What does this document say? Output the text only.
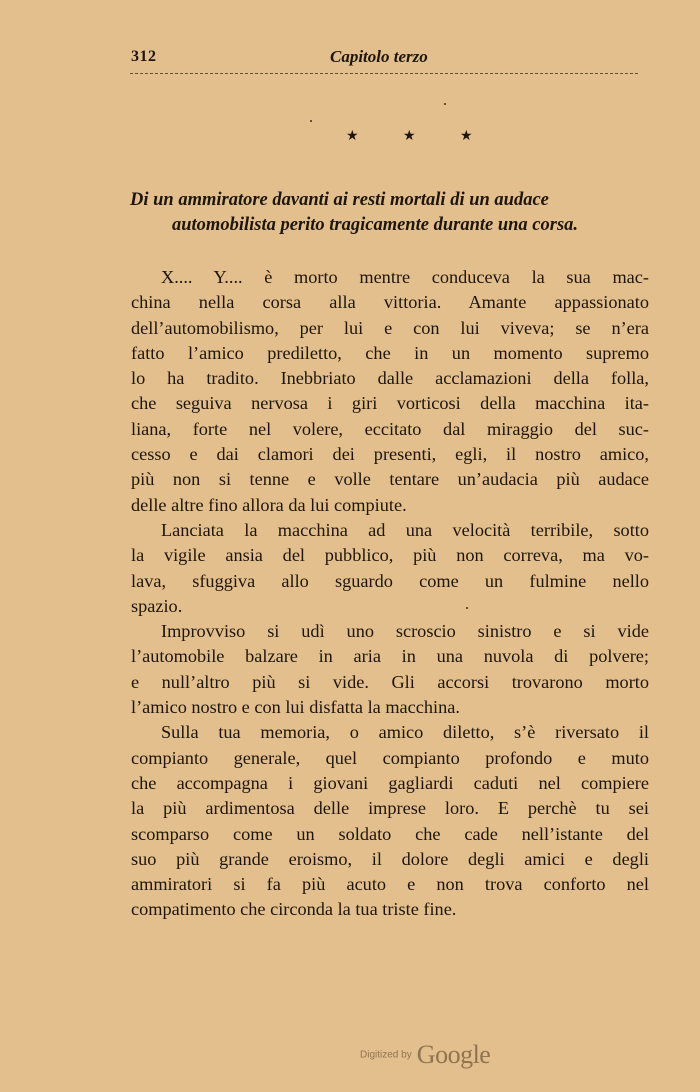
312	Capitolo terzo
★ ★ ★
Di un ammiratore davanti ai resti mortali di un audace
automobilista perito tragicamente durante una corsa.
X.... Y.... è morto mentre conduceva la sua mac-
china nella corsa alla vittoria. Amante appassionato
dell’automobilismo, per lui e con lui viveva; se n’era
fatto l’amico prediletto, che in un momento supremo
lo ha tradito. Inebbriato dalle acclamazioni della folla,
che seguiva nervosa i giri vorticosi della macchina ita-
liana, forte nel volere, eccitato dal miraggio del suc-
cesso e dai clamori dei presenti, egli, il nostro amico,
più non si tenne e volle tentare un’audacia più audace
delle altre fino allora da lui compiute.
Lanciata la macchina ad una velocità terribile, sotto
la vigile ansia del pubblico, più non correva, ma vo-
lava, sfuggiva allo sguardo come un fulmine nello
spazio.
Improvviso si udì uno scroscio sinistro e si vide
l’automobile balzare in aria in una nuvola di polvere;
e null’altro più si vide. Gli accorsi trovarono morto
l’amico nostro e con lui disfatta la macchina.
Sulla tua memoria, o amico diletto, s’è riversato il
compianto generale, quel compianto profondo e muto
che accompagna i giovani gagliardi caduti nel compiere
la più ardimentosa delle imprese loro. E perchè tu sei
scomparso come un soldato che cade nell’istante del
suo più grande eroismo, il dolore degli amici e degli
ammiratori si fa più acuto e non trova conforto nel
compatimento che circonda la tua triste fine.
Digitized by Google
